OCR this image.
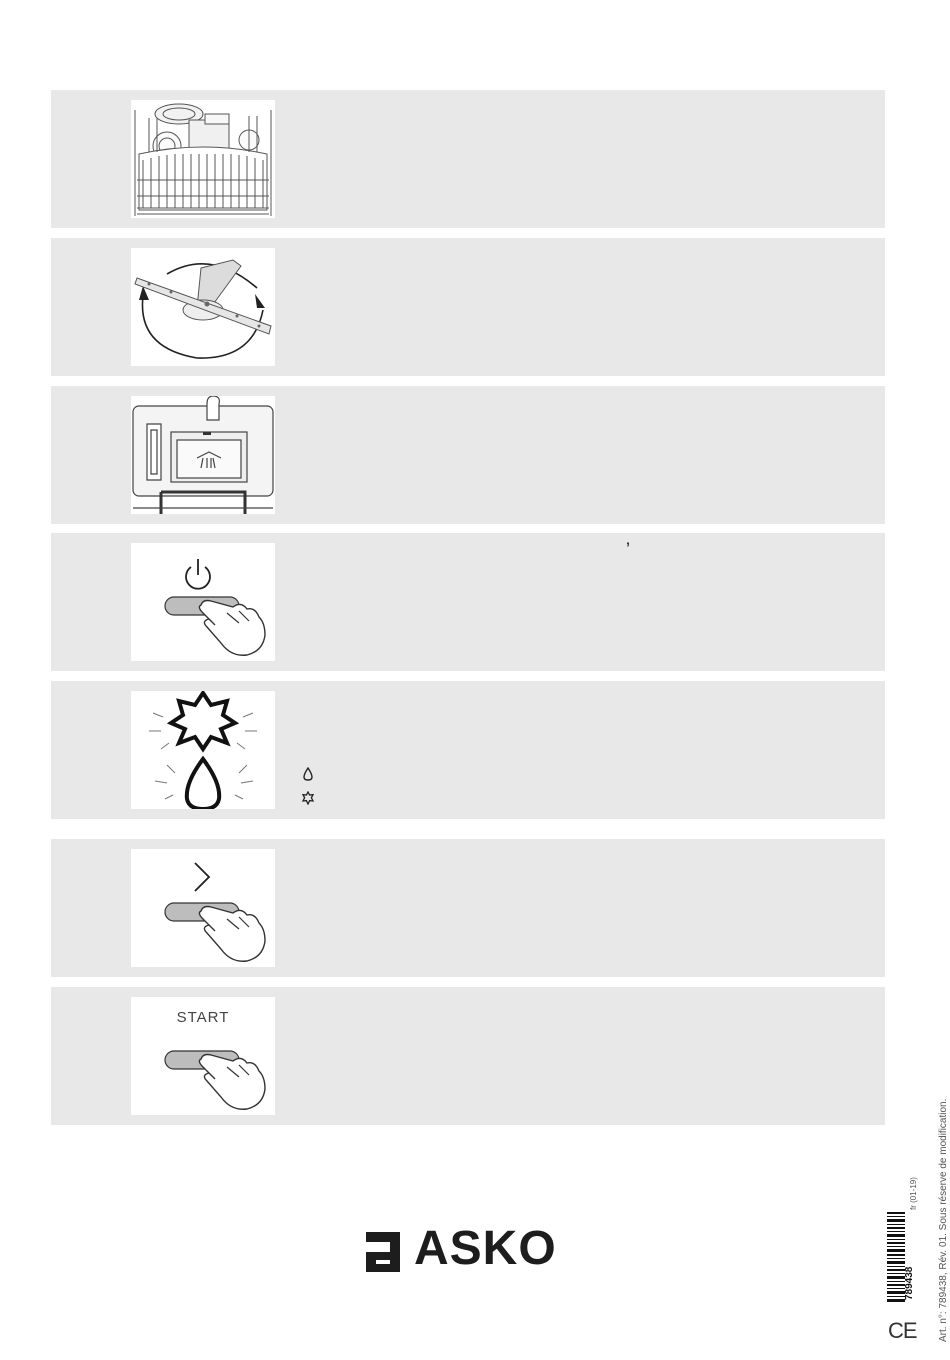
’
START
ASKO
789438
fr (01-19) Art. n°: 789438, Rév. 01. Sous réserve de modification.
CE
